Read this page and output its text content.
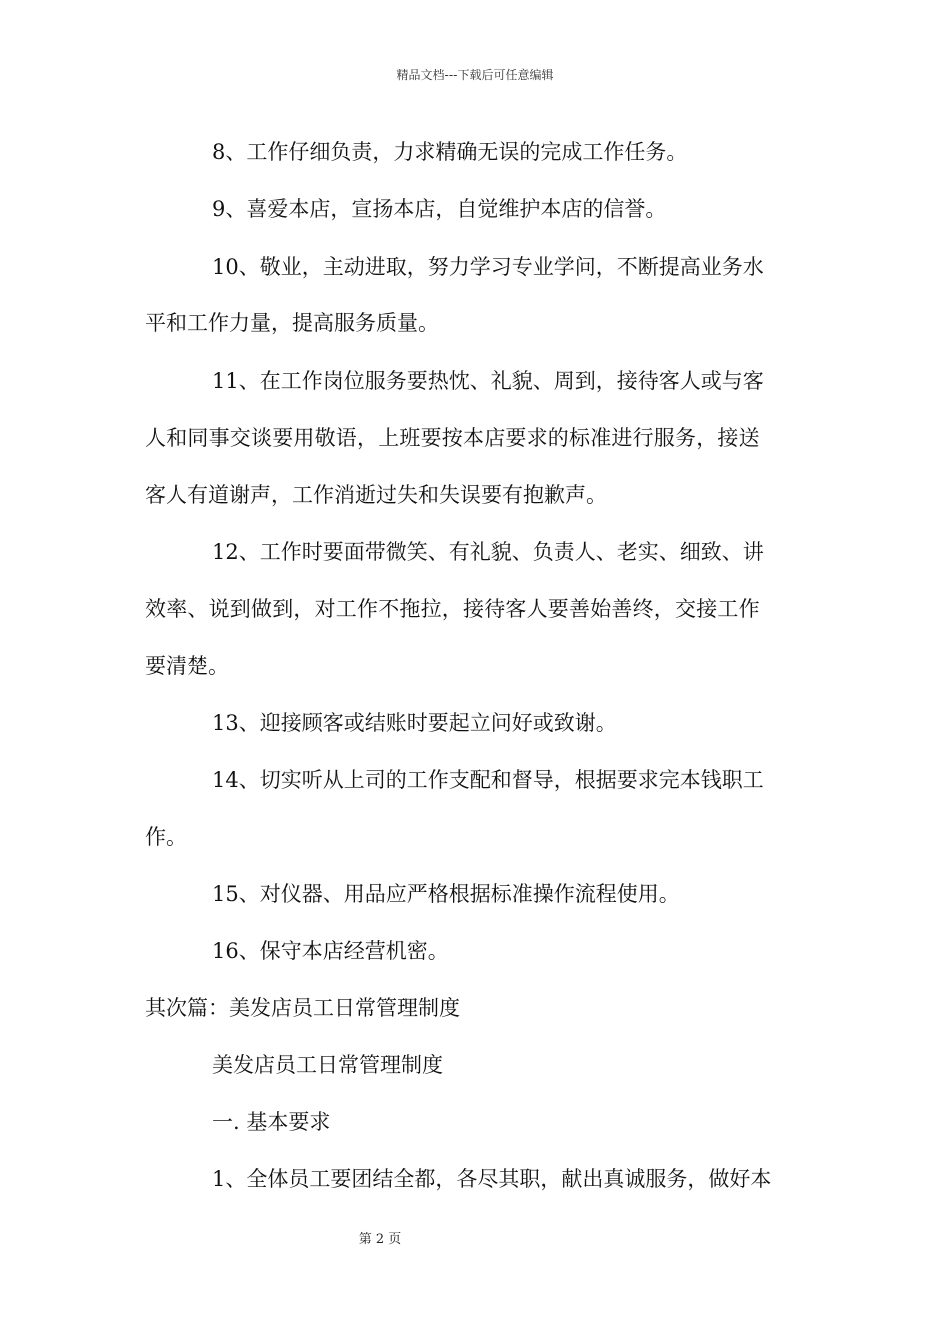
精品文档---下载后可任意编辑
8、工作仔细负责，力求精确无误的完成工作任务。
9、喜爱本店，宣扬本店，自觉维护本店的信誉。
10、敬业，主动进取，努力学习专业学问，不断提高业务水
平和工作力量，提高服务质量。
11、在工作岗位服务要热忱、礼貌、周到，接待客人或与客
人和同事交谈要用敬语，上班要按本店要求的标准进行服务，接送
客人有道谢声，工作消逝过失和失误要有抱歉声。
12、工作时要面带微笑、有礼貌、负责人、老实、细致、讲
效率、说到做到，对工作不拖拉，接待客人要善始善终，交接工作
要清楚。
13、迎接顾客或结账时要起立问好或致谢。
14、切实听从上司的工作支配和督导，根据要求完本钱职工
作。
15、对仪器、用品应严格根据标准操作流程使用。
16、保守本店经营机密。
其次篇：美发店员工日常管理制度
美发店员工日常管理制度
一. 基本要求
1、全体员工要团结全都，各尽其职，献出真诚服务，做好本
第 2 页
